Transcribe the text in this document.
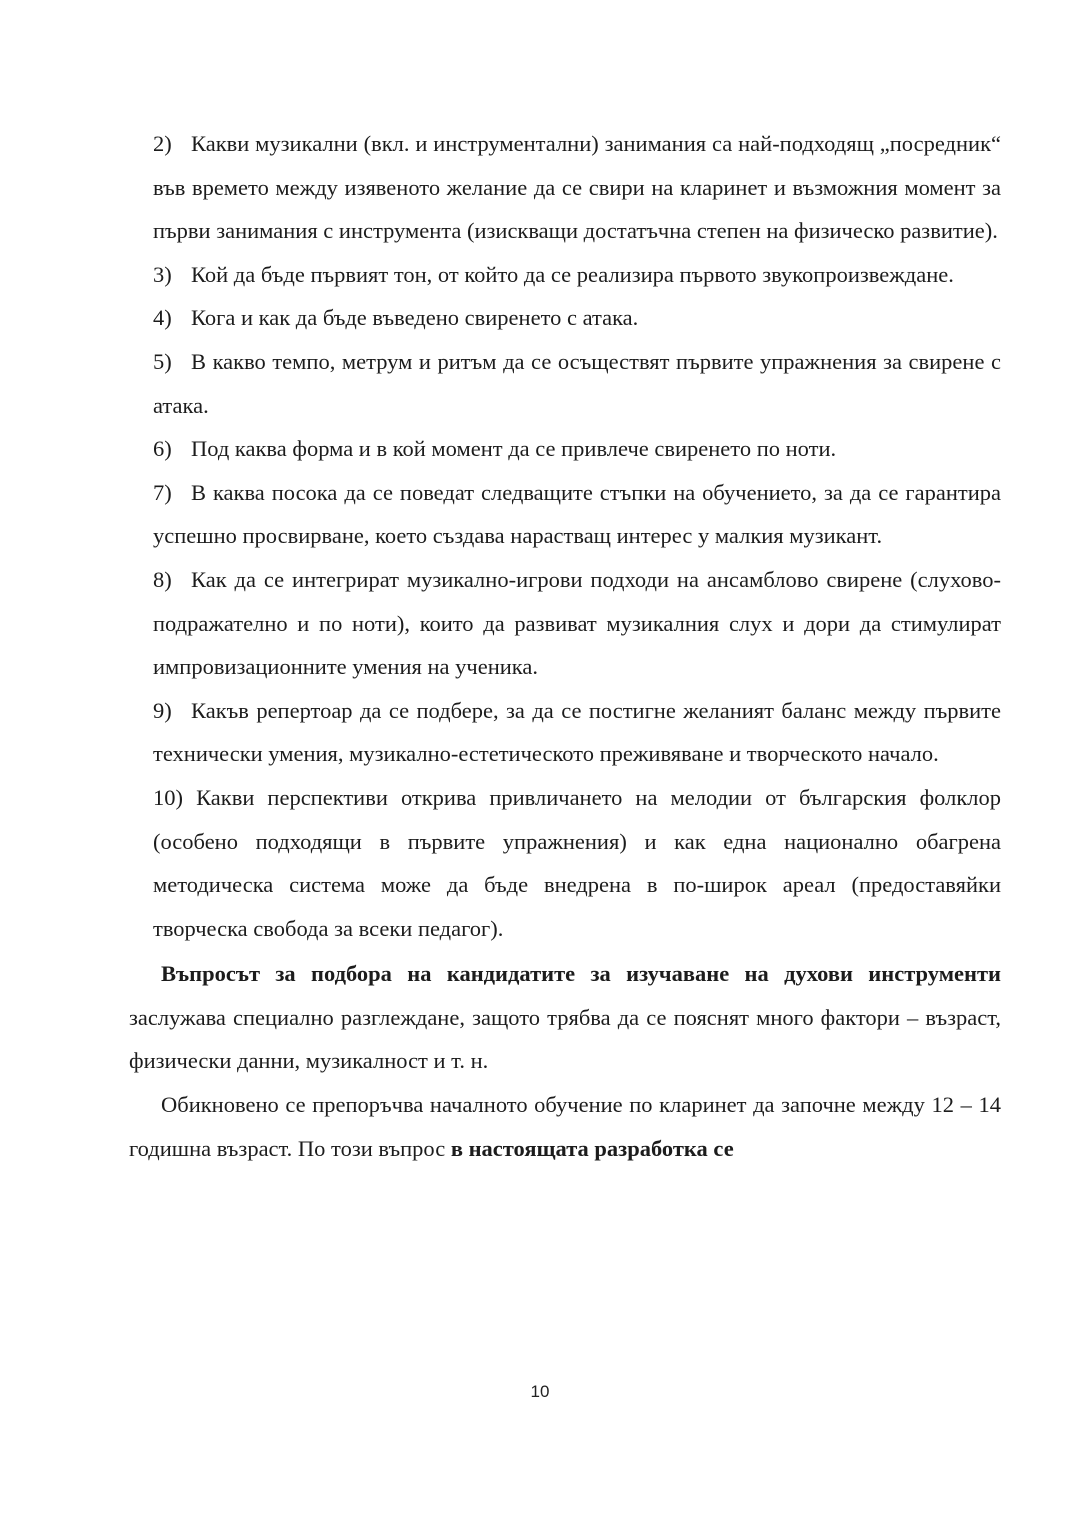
2) Какви музикални (вкл. и инструментални) занимания са най-подходящ „посредник“ във времето между изявеното желание да се свири на кларинет и възможния момент за първи занимания с инструмента (изискващи достатъчна степен на физическо развитие).

3) Кой да бъде първият тон, от който да се реализира първото звукопроизвеждане.

4) Кога и как да бъде въведено свиренето с атака.

5) В какво темпо, метрум и ритъм да се осъществят първите упражнения за свирене с атака.

6) Под каква форма и в кой момент да се привлече свиренето по ноти.

7) В каква посока да се поведат следващите стъпки на обучението, за да се гарантира успешно просвирване, което създава нарастващ интерес у малкия музикант.

8) Как да се интегрират музикално-игрови подходи на ансамблово свирене (слухово-подражателно и по ноти), които да развиват музикалния слух и дори да стимулират импровизационните умения на ученика.

9) Какъв репертоар да се подбере, за да се постигне желаният баланс между първите технически умения, музикално-естетическото преживяване и творческото начало.

10) Какви перспективи открива привличането на мелодии от българския фолклор (особено подходящи в първите упражнения) и как една национално обагрена методическа система може да бъде внедрена в по-широк ареал (предоставяйки творческа свобода за всеки педагог).

Въпросът за подбора на кандидатите за изучаване на духови инструменти заслужава специално разглеждане, защото трябва да се пояснят много фактори – възраст, физически данни, музикалност и т. н.

Обикновено се препоръчва началното обучение по кларинет да започне между 12 – 14 годишна възраст. По този въпрос в настоящата разработка се

10
